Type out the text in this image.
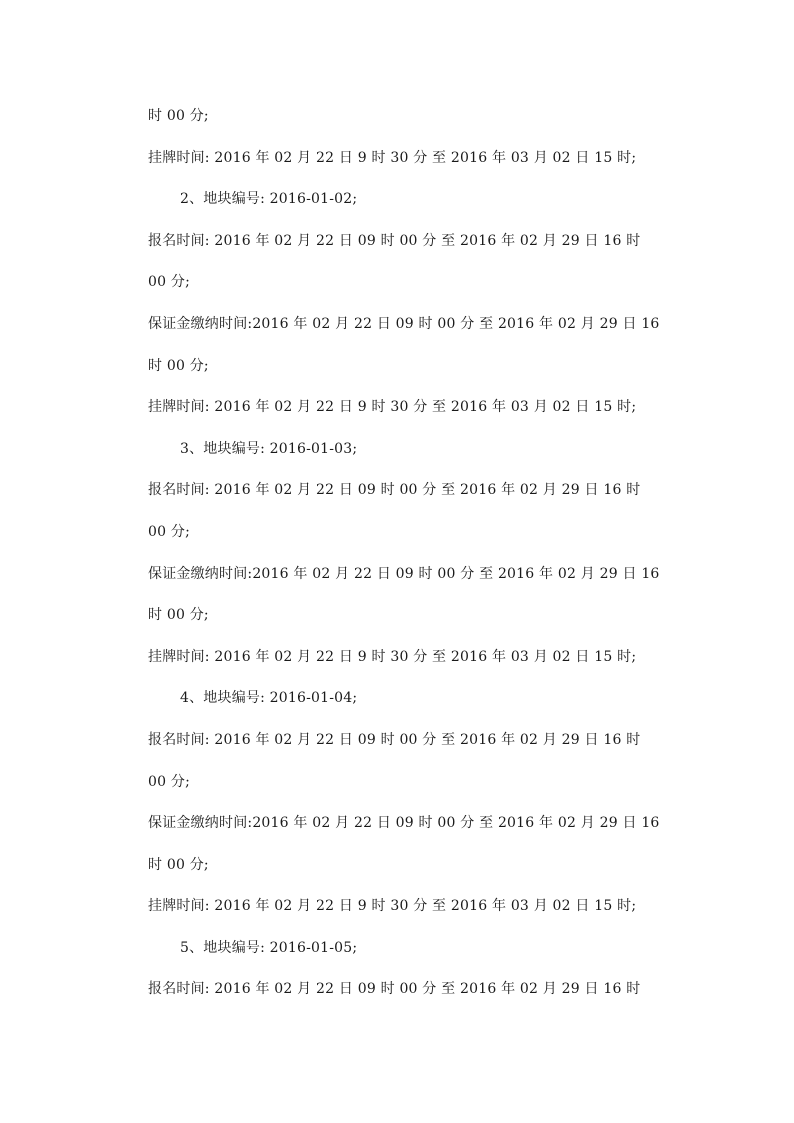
时 00 分;
挂牌时间: 2016 年 02 月 22 日 9 时 30 分 至 2016 年 03 月 02 日 15 时;
2、地块编号: 2016-01-02;
报名时间: 2016 年 02 月 22 日 09 时 00 分 至 2016 年 02 月 29 日 16 时
00 分;
保证金缴纳时间:2016 年 02 月 22 日 09 时 00 分 至 2016 年 02 月 29 日 16
时 00 分;
挂牌时间: 2016 年 02 月 22 日 9 时 30 分 至 2016 年 03 月 02 日 15 时;
3、地块编号: 2016-01-03;
报名时间: 2016 年 02 月 22 日 09 时 00 分 至 2016 年 02 月 29 日 16 时
00 分;
保证金缴纳时间:2016 年 02 月 22 日 09 时 00 分 至 2016 年 02 月 29 日 16
时 00 分;
挂牌时间: 2016 年 02 月 22 日 9 时 30 分 至 2016 年 03 月 02 日 15 时;
4、地块编号: 2016-01-04;
报名时间: 2016 年 02 月 22 日 09 时 00 分 至 2016 年 02 月 29 日 16 时
00 分;
保证金缴纳时间:2016 年 02 月 22 日 09 时 00 分 至 2016 年 02 月 29 日 16
时 00 分;
挂牌时间: 2016 年 02 月 22 日 9 时 30 分 至 2016 年 03 月 02 日 15 时;
5、地块编号: 2016-01-05;
报名时间: 2016 年 02 月 22 日 09 时 00 分 至 2016 年 02 月 29 日 16 时
